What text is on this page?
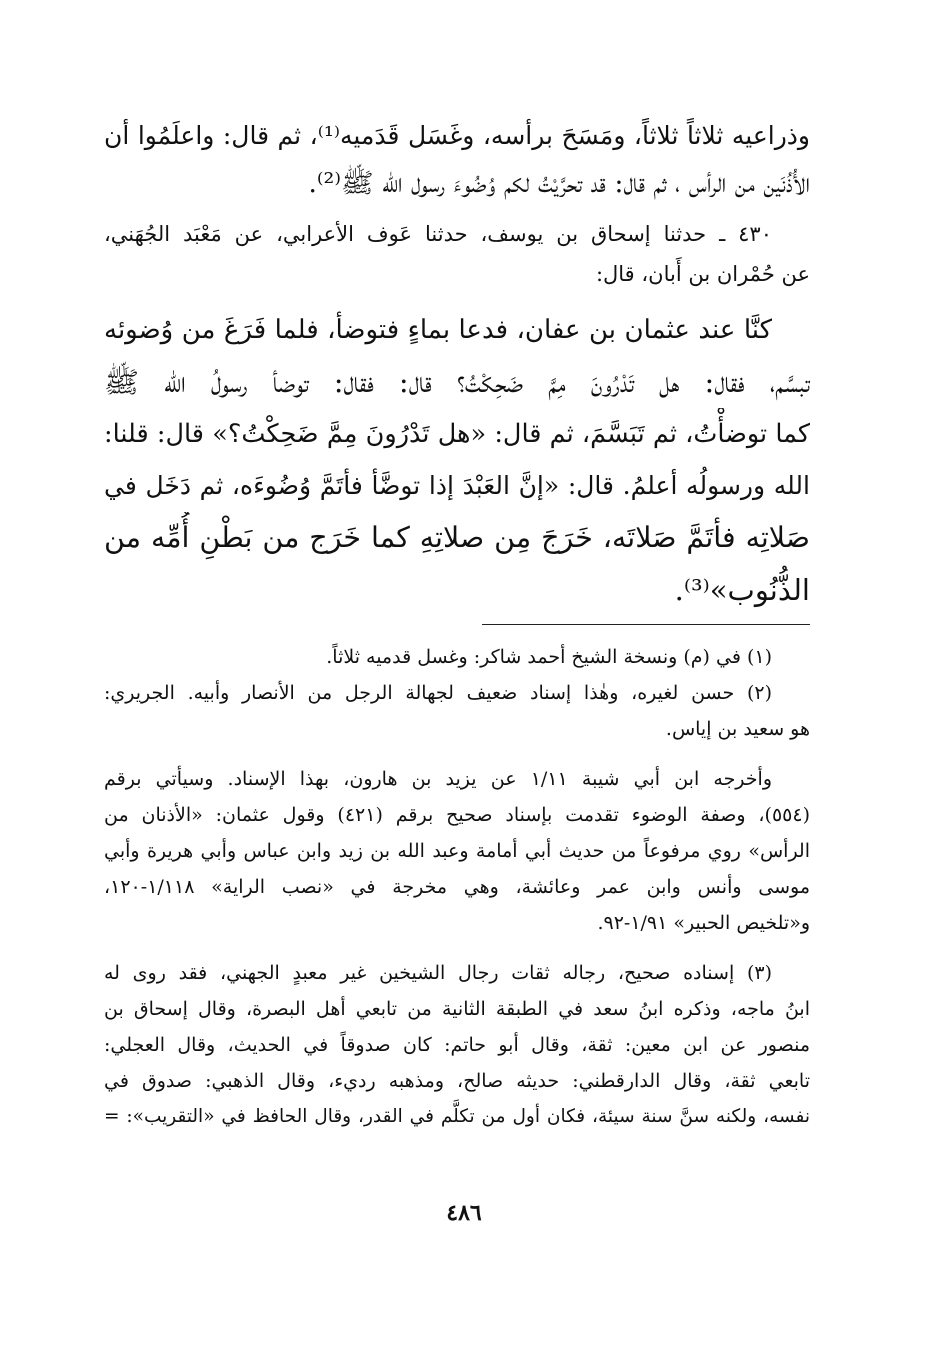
وذراعيه ثلاثاً ثلاثاً، ومَسَحَ برأسه، وغَسَل قَدَميه⁽¹⁾، ثم قال: واعلَمُوا أن
الأُذُنَين من الرأس ، ثم قال: قد تحرَّيْتُ لكم وُضُوءَ رسول الله ﷺ⁽²⁾.
٤٣٠ ـ حدثنا إسحاق بن يوسف، حدثنا عَوف الأعرابي، عن مَعْبَد الجُهَني،
عن حُمْران بن أَبان، قال:
كنَّا عند عثمان بن عفان، فدعا بماءٍ فتوضأ، فلما فَرَغَ من وُضوئه
تبسَّم، فقال: هل تَدْرُونَ مِمَّ ضَحِكْتُ؟ قال: فقال: توضأ رسولُ الله ﷺ
كما توضأْتُ، ثم تَبَسَّمَ، ثم قال: «هل تَدْرُونَ مِمَّ ضَحِكْتُ؟» قال: قلنا:
الله ورسولُه أعلمُ. قال: «إنَّ العَبْدَ إذا توضَّأ فأتَمَّ وُضُوءَه، ثم دَخَل في
صَلاتِه فأتَمَّ صَلاتَه، خَرَجَ مِن صلاتِهِ كما خَرَج من بَطْنِ أُمِّه من
الذُّنُوب»⁽³⁾.
(١) في (م) ونسخة الشيخ أحمد شاكر: وغسل قدميه ثلاثاً.
(٢) حسن لغيره، وهٰذا إسناد ضعيف لجهالة الرجل من الأنصار وأبيه. الجريري:
هو سعيد بن إياس.
وأخرجه ابن أبي شيبة ١/١١ عن يزيد بن هارون، بهذا الإسناد. وسيأتي برقم
(٥٥٤)، وصفة الوضوء تقدمت بإسناد صحيح برقم (٤٢١) وقول عثمان: «الأذنان من
الرأس» روي مرفوعاً من حديث أبي أمامة وعبد الله بن زيد وابن عباس وأبي هريرة وأبي
موسى وأنس وابن عمر وعائشة، وهي مخرجة في «نصب الراية» ١/١١٨-١٢٠،
و«تلخيص الحبير» ١/٩١-٩٢.
(٣) إسناده صحيح، رجاله ثقات رجال الشيخين غير معبدٍ الجهني، فقد روى له
ابنُ ماجه، وذكره ابنُ سعد في الطبقة الثانية من تابعي أهل البصرة، وقال إسحاق بن
منصور عن ابن معين: ثقة، وقال أبو حاتم: كان صدوقاً في الحديث، وقال العجلي:
تابعي ثقة، وقال الدارقطني: حديثه صالح، ومذهبه رديء، وقال الذهبي: صدوق في
نفسه، ولكنه سنَّ سنة سيئة، فكان أول من تكلَّم في القدر، وقال الحافظ في «التقريب»: =
٤٨٦
